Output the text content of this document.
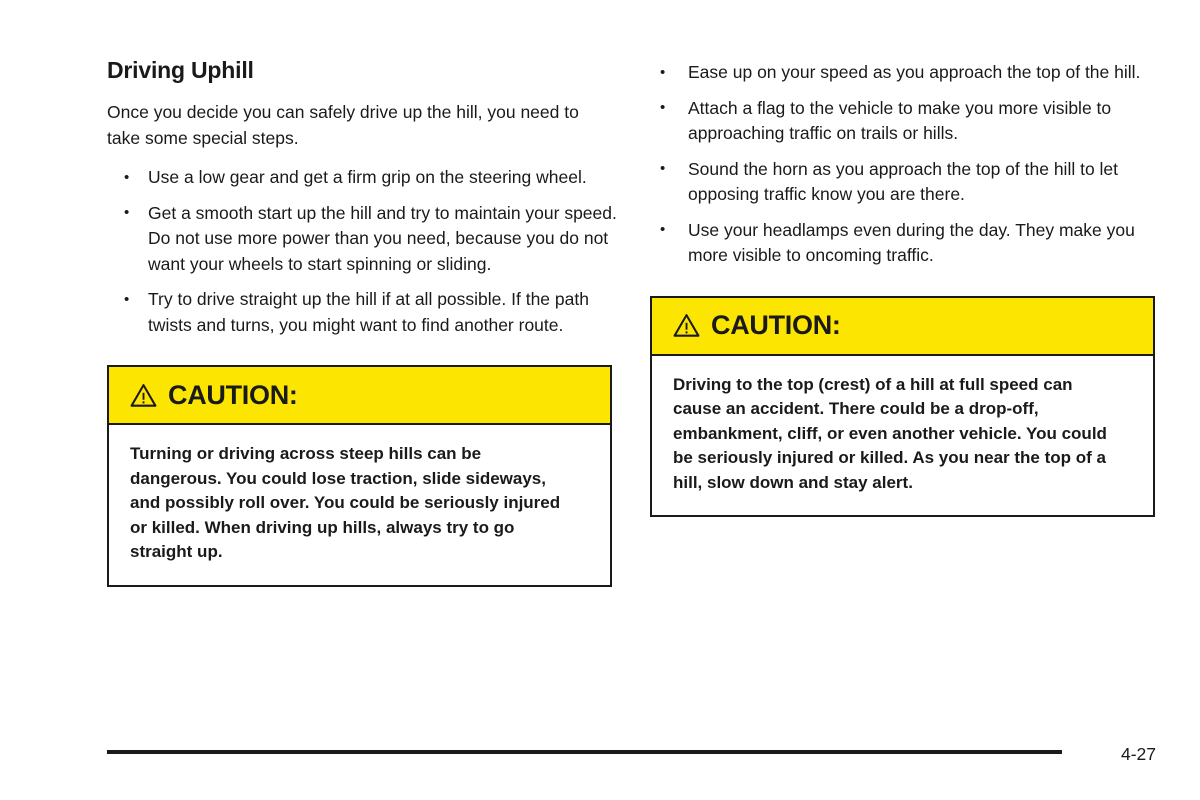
Driving Uphill

Once you decide you can safely drive up the hill, you need to take some special steps.

• Use a low gear and get a firm grip on the steering wheel.
• Get a smooth start up the hill and try to maintain your speed. Do not use more power than you need, because you do not want your wheels to start spinning or sliding.
• Try to drive straight up the hill if at all possible. If the path twists and turns, you might want to find another route.
CAUTION:

Turning or driving across steep hills can be dangerous. You could lose traction, slide sideways, and possibly roll over. You could be seriously injured or killed. When driving up hills, always try to go straight up.

• Ease up on your speed as you approach the top of the hill.
• Attach a flag to the vehicle to make you more visible to approaching traffic on trails or hills.
• Sound the horn as you approach the top of the hill to let opposing traffic know you are there.
• Use your headlamps even during the day. They make you more visible to oncoming traffic.
CAUTION:

Driving to the top (crest) of a hill at full speed can cause an accident. There could be a drop-off, embankment, cliff, or even another vehicle. You could be seriously injured or killed. As you near the top of a hill, slow down and stay alert.

4-27
